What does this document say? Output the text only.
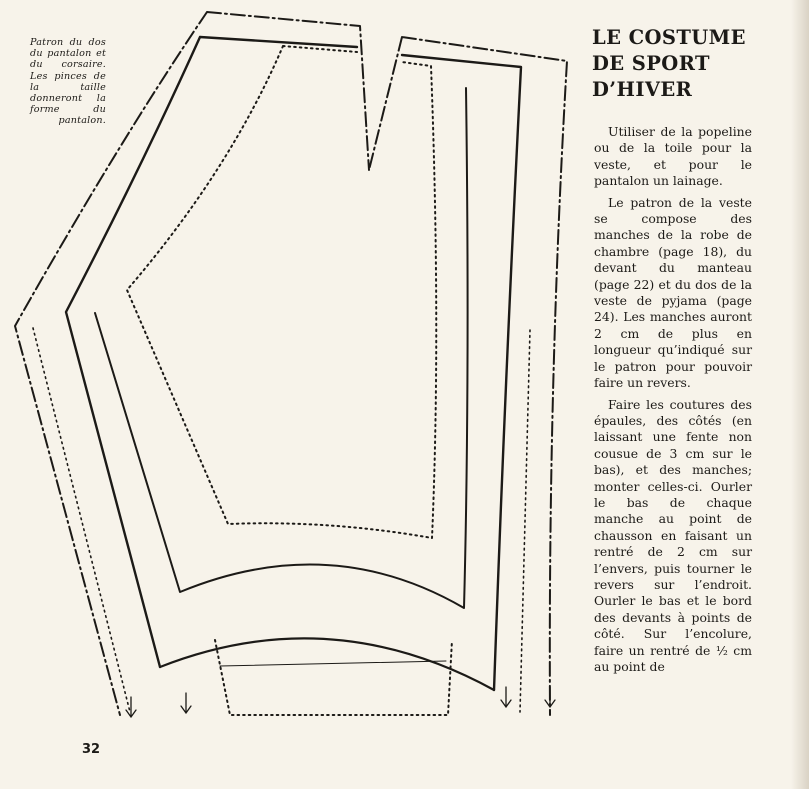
Patron du dos du pantalon et du corsaire. Les pinces de la taille donneront la forme du pantalon.
LE COSTUME
DE SPORT
D’HIVER

Utiliser de la popeline ou de la toile pour la veste, et pour le pantalon un lainage.

Le patron de la veste se compose des manches de la robe de chambre (page 18), du devant du manteau (page 22) et du dos de la veste de pyjama (page 24). Les manches auront 2 cm de plus en longueur qu’indiqué sur le patron pour pouvoir faire un revers.

Faire les coutures des épaules, des côtés (en laissant une fente non cousue de 3 cm sur le bas), et des manches; monter celles-ci. Ourler le bas de chaque manche au point de chausson en faisant un rentré de 2 cm sur l’envers, puis tourner le revers sur l’endroit. Ourler le bas et le bord des devants à points de côté. Sur l’encolure, faire un rentré de ½ cm au point de

32
